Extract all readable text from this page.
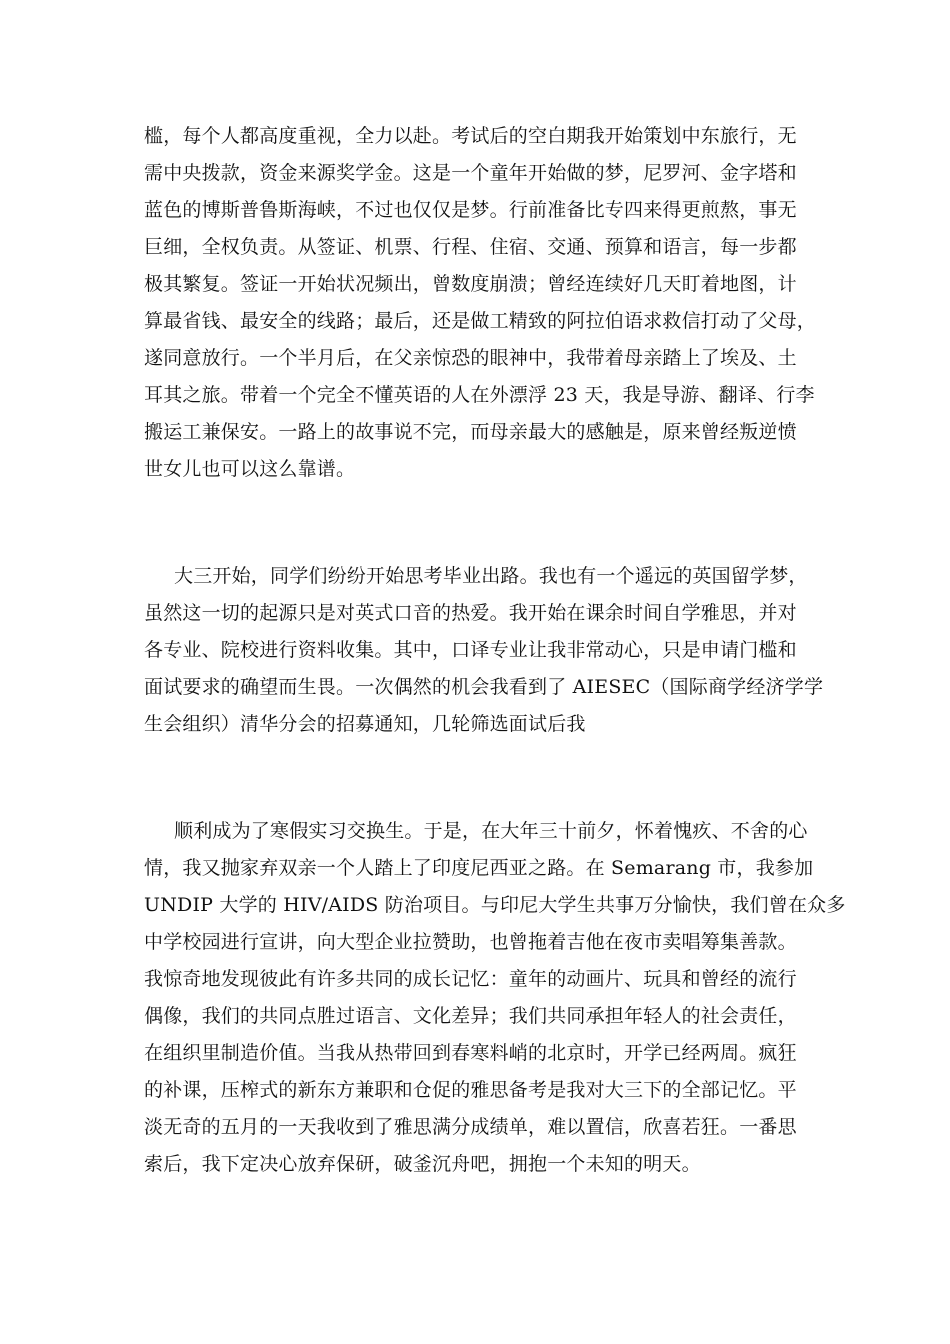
槛，每个人都高度重视，全力以赴。考试后的空白期我开始策划中东旅行，无
需中央拨款，资金来源奖学金。这是一个童年开始做的梦，尼罗河、金字塔和
蓝色的博斯普鲁斯海峡，不过也仅仅是梦。行前准备比专四来得更煎熬，事无
巨细，全权负责。从签证、机票、行程、住宿、交通、预算和语言，每一步都
极其繁复。签证一开始状况频出，曾数度崩溃；曾经连续好几天盯着地图，计
算最省钱、最安全的线路；最后，还是做工精致的阿拉伯语求救信打动了父母，
遂同意放行。一个半月后，在父亲惊恐的眼神中，我带着母亲踏上了埃及、土
耳其之旅。带着一个完全不懂英语的人在外漂浮 23 天，我是导游、翻译、行李
搬运工兼保安。一路上的故事说不完，而母亲最大的感触是，原来曾经叛逆愤
世女儿也可以这么靠谱。
大三开始，同学们纷纷开始思考毕业出路。我也有一个遥远的英国留学梦，
虽然这一切的起源只是对英式口音的热爱。我开始在课余时间自学雅思，并对
各专业、院校进行资料收集。其中，口译专业让我非常动心，只是申请门槛和
面试要求的确望而生畏。一次偶然的机会我看到了 AIESEC（国际商学经济学学
生会组织）清华分会的招募通知，几轮筛选面试后我
顺利成为了寒假实习交换生。于是，在大年三十前夕，怀着愧疚、不舍的心
情，我又抛家弃双亲一个人踏上了印度尼西亚之路。在 Semarang 市，我参加
UNDIP 大学的 HIV/AIDS 防治项目。与印尼大学生共事万分愉快，我们曾在众多
中学校园进行宣讲，向大型企业拉赞助，也曾拖着吉他在夜市卖唱筹集善款。
我惊奇地发现彼此有许多共同的成长记忆：童年的动画片、玩具和曾经的流行
偶像，我们的共同点胜过语言、文化差异；我们共同承担年轻人的社会责任，
在组织里制造价值。当我从热带回到春寒料峭的北京时，开学已经两周。疯狂
的补课，压榨式的新东方兼职和仓促的雅思备考是我对大三下的全部记忆。平
淡无奇的五月的一天我收到了雅思满分成绩单，难以置信，欣喜若狂。一番思
索后，我下定决心放弃保研，破釜沉舟吧，拥抱一个未知的明天。
